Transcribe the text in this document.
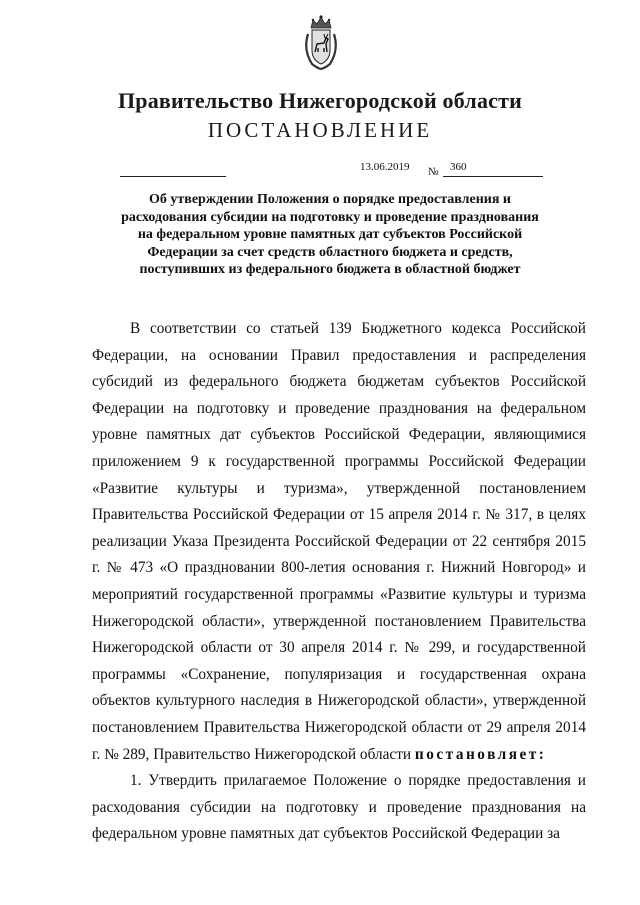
Правительство Нижегородской области
ПОСТАНОВЛЕНИЕ
13.06.2019 № 360

Об утверждении Положения о порядке предоставления и расходования субсидии на подготовку и проведение празднования на федеральном уровне памятных дат субъектов Российской Федерации за счет средств областного бюджета и средств, поступивших из федерального бюджета в областной бюджет

В соответствии со статьей 139 Бюджетного кодекса Российской Федерации, на основании Правил предоставления и распределения субсидий из федерального бюджета бюджетам субъектов Российской Федерации на подготовку и проведение празднования на федеральном уровне памятных дат субъектов Российской Федерации, являющимися приложением 9 к государственной программы Российской Федерации «Развитие культуры и туризма», утвержденной постановлением Правительства Российской Федерации от 15 апреля 2014 г. № 317, в целях реализации Указа Президента Российской Федерации от 22 сентября 2015 г. № 473 «О праздновании 800-летия основания г. Нижний Новгород» и мероприятий государственной программы «Развитие культуры и туризма Нижегородской области», утвержденной постановлением Правительства Нижегородской области от 30 апреля 2014 г. № 299, и государственной программы «Сохранение, популяризация и государственная охрана объектов культурного наследия в Нижегородской области», утвержденной постановлением Правительства Нижегородской области от 29 апреля 2014 г. № 289, Правительство Нижегородской области постановляет:

1. Утвердить прилагаемое Положение о порядке предоставления и расходования субсидии на подготовку и проведение празднования на федеральном уровне памятных дат субъектов Российской Федерации за
